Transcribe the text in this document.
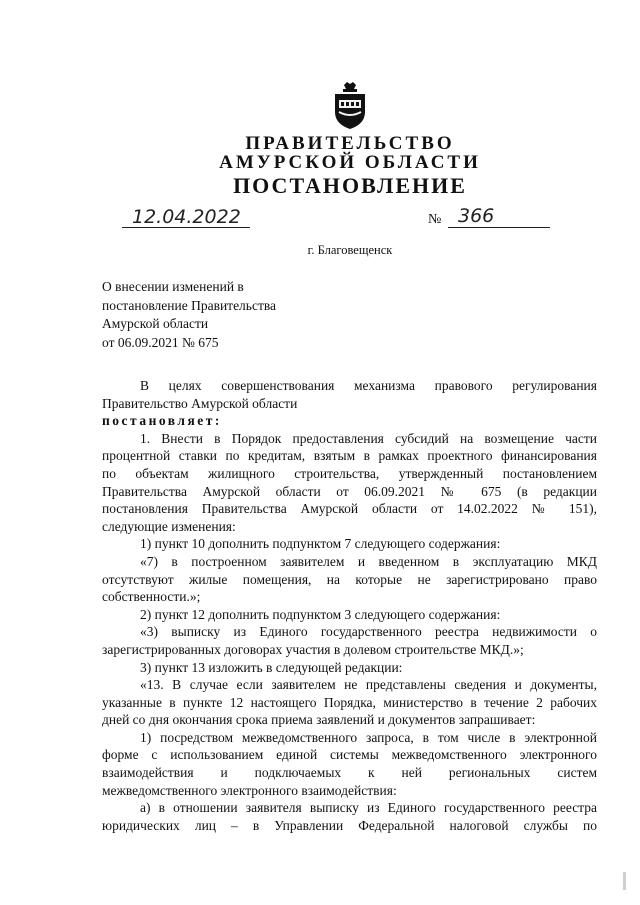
ПРАВИТЕЛЬСТВО
АМУРСКОЙ ОБЛАСТИ
ПОСТАНОВЛЕНИЕ
12.04.2022	№ 366
г. Благовещенск
О внесении изменений в
постановление Правительства
Амурской области
от 06.09.2021 № 675
В целях совершенствования механизма правового регулирования
Правительство Амурской области
постановляет:
1. Внести в Порядок предоставления субсидий на возмещение части
процентной ставки по кредитам, взятым в рамках проектного финансирования
по объектам жилищного строительства, утвержденный постановлением
Правительства Амурской области от 06.09.2021 № 675 (в редакции
постановления Правительства Амурской области от 14.02.2022 № 151),
следующие изменения:
1) пункт 10 дополнить подпунктом 7 следующего содержания:
«7) в построенном заявителем и введенном в эксплуатацию МКД
отсутствуют жилые помещения, на которые не зарегистрировано право
собственности.»;
2) пункт 12 дополнить подпунктом 3 следующего содержания:
«3) выписку из Единого государственного реестра недвижимости о
зарегистрированных договорах участия в долевом строительстве МКД.»;
3) пункт 13 изложить в следующей редакции:
«13. В случае если заявителем не представлены сведения и документы,
указанные в пункте 12 настоящего Порядка, министерство в течение 2 рабочих
дней со дня окончания срока приема заявлений и документов запрашивает:
1) посредством межведомственного запроса, в том числе в электронной
форме с использованием единой системы межведомственного электронного
взаимодействия и подключаемых к ней региональных систем
межведомственного электронного взаимодействия:
а) в отношении заявителя выписку из Единого государственного реестра
юридических лиц – в Управлении Федеральной налоговой службы по
